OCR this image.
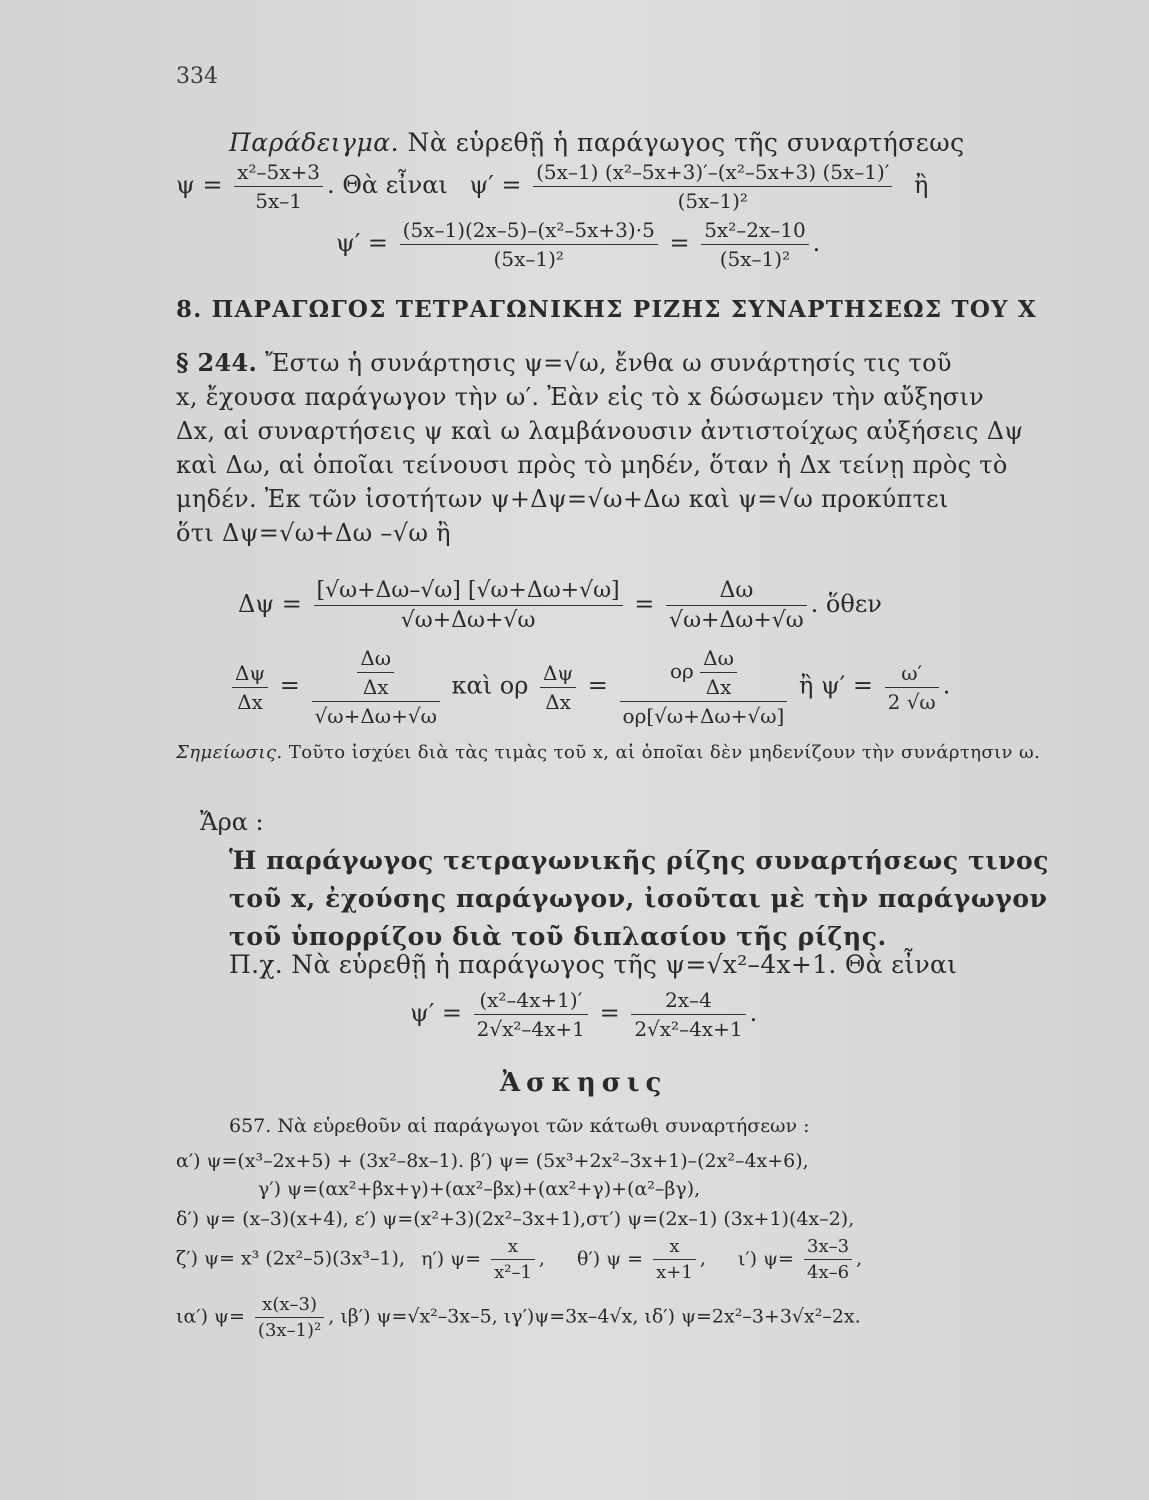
334
Παράδειγμα. Νὰ εὑρεθῇ ἡ παράγωγος τῆς συναρτήσεως
$\psi = \frac{\text{x²–5x+3}}{5x-1}$ . Θὰ εἶναι $\psi' = \frac{\text{(5x–1) (x²–5x+3)′–(x²–5x+3) (5x–1)′}}{\text{(5x–1)²}}$ ἢ
$\psi' = \frac{\text{(5x–1)(2x–5)–(x²–5x+3)·5}}{\text{(5x–1)²}} = \frac{\text{5x²–2x–10}}{\text{(5x–1)²}}$ .
8. ΠΑΡΑΓΩΓΟΣ ΤΕΤΡΑΓΩΝΙΚΗΣ ΡΙΖΗΣ ΣΥΝΑΡΤΗΣΕΩΣ ΤΟΥ Χ
§ 244. Ἔστω ἡ συνάρτησις ψ=√ω, ἔνθα ω συνάρτησίς τις τοῦ
x, ἔχουσα παράγωγον τὴν ω′. Ἐὰν εἰς τὸ x δώσωμεν τὴν αὔξησιν
Δx, αἱ συναρτήσεις ψ καὶ ω λαμβάνουσιν ἀντιστοίχως αὐξήσεις Δψ
καὶ Δω, αἱ ὁποῖαι τείνουσι πρὸς τὸ μηδέν, ὅταν ἡ Δx τείνῃ πρὸς τὸ
μηδέν. Ἐκ τῶν ἰσοτήτων ψ+Δψ=√ω+Δω καὶ ψ=√ω προκύπτει
ὅτι Δψ=√ω+Δω –√ω ἢ
$\Delta\psi = \frac{[√\omega+\Delta\omega-√\omega] [√\omega+\Delta\omega+√\omega]}{√\omega+\Delta\omega+√\omega} = \frac{\Delta\omega}{√\omega+\Delta\omega+√\omega}$ . ὅθεν
$\frac{\Delta\psi}{\Delta x} = \frac{\frac{\Delta\omega}{\Delta x}}{√\omega+\Delta\omega+√\omega}$ καὶ ορ $\frac{\Delta\psi}{\Delta x} = \frac{o\rho \frac{\Delta\omega}{\Delta x}}{o\rho[√\omega+\Delta\omega+√\omega]}$ ἢ $\psi' = \frac{\omega'}{2 √\omega}$ .
Σημείωσις. Τοῦτο ἰσχύει διὰ τὰς τιμὰς τοῦ x, αἱ ὁποῖαι δὲν μηδενίζουν τὴν συνάρτησιν ω.
Ἄρα :
Ἡ παράγωγος τετραγωνικῆς ρίζης συναρτήσεως τινος τοῦ x, ἐχούσης παράγωγον, ἰσοῦται μὲ τὴν παράγωγον τοῦ ὑπορρίζου διὰ τοῦ διπλασίου τῆς ρίζης.
Π.χ. Νὰ εὑρεθῇ ἡ παράγωγος τῆς ψ=√x²–4x+1. Θὰ εἶναι
$\psi' = \frac{\text{(x²–4x+1)′}}{\text{2√x²–4x+1}} = \frac{2x-4}{\text{2√x²–4x+1}}$ .
Ἀσκησις
657. Νὰ εὑρεθοῦν αἱ παράγωγοι τῶν κάτωθι συναρτήσεων :
α′) ψ=(x³–2x+5) + (3x²–8x–1). β′) ψ= (5x³+2x²–3x+1)–(2x²–4x+6),
γ′) ψ=(αx²+βx+γ)+(αx²–βx)+(αx²+γ)+(α²–βγ),
δ′) ψ= (x–3)(x+4), ε′) ψ=(x²+3)(2x²–3x+1),στ′) ψ=(2x–1) (3x+1)(4x–2),
ζ′) ψ= x³ (2x²–5)(3x³–1), η′) $\psi= \frac{x}{\text{x²–1}}$ , θ′) $\psi = \frac{x}{x+1}$ , ι′) $\psi= \frac{3x-3}{4x-6}$ ,
ια′) $\psi= \frac{x(x-3)}{\text{(3x–1)²}}$ , ιβ′) ψ=√x²–3x–5, ιγ′)ψ=3x–4√x, ιδ′) ψ=2x²–3+3√x²–2x.
